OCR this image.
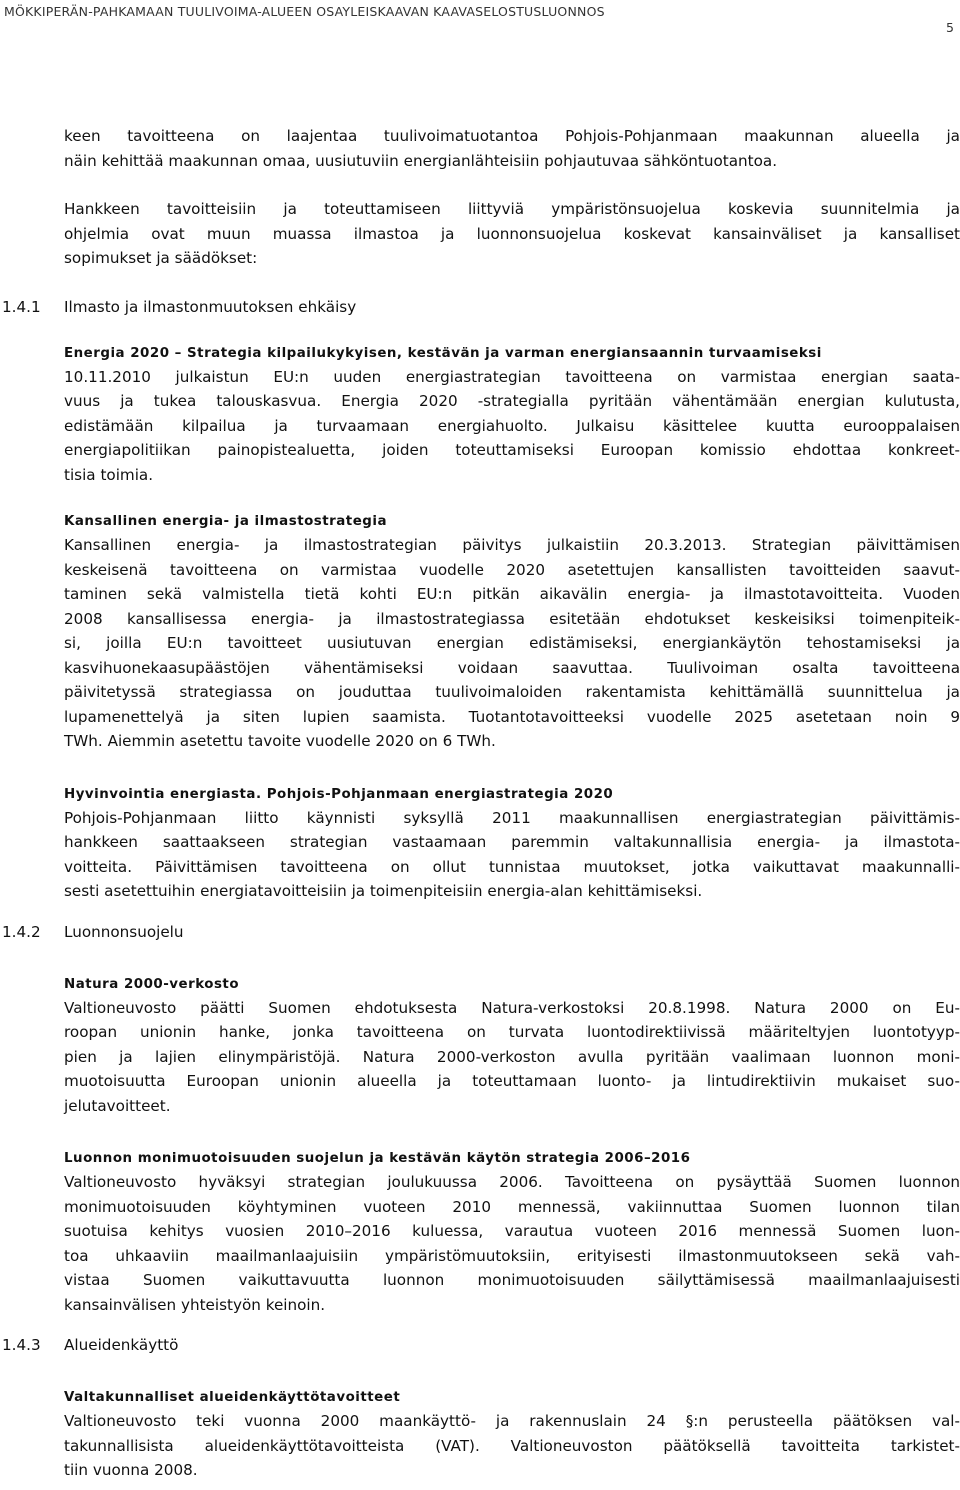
MÖKKIPERÄN-PAHKAMAAN TUULIVOIMA-ALUEEN OSAYLEISKAAVAN KAAVASELOSTUSLUONNOS
5

keen tavoitteena on laajentaa tuulivoimatuotantoa Pohjois-Pohjanmaan maakunnan alueella ja
näin kehittää maakunnan omaa, uusiutuviin energianlähteisiin pohjautuvaa sähköntuotantoa.

Hankkeen tavoitteisiin ja toteuttamiseen liittyviä ympäristönsuojelua koskevia suunnitelmia ja
ohjelmia ovat muun muassa ilmastoa ja luonnonsuojelua koskevat kansainväliset ja kansalliset
sopimukset ja säädökset:

1.4.1 Ilmasto ja ilmastonmuutoksen ehkäisy

Energia 2020 – Strategia kilpailukykyisen, kestävän ja varman energiansaannin turvaamiseksi

10.11.2010 julkaistun EU:n uuden energiastrategian tavoitteena on varmistaa energian saata-
vuus ja tukea talouskasvua. Energia 2020 -strategialla pyritään vähentämään energian kulutusta,
edistämään kilpailua ja turvaamaan energiahuolto. Julkaisu käsittelee kuutta eurooppalaisen
energiapolitiikan painopistealuetta, joiden toteuttamiseksi Euroopan komissio ehdottaa konkreet-
tisia toimia.

Kansallinen energia- ja ilmastostrategia

Kansallinen energia- ja ilmastostrategian päivitys julkaistiin 20.3.2013. Strategian päivittämisen
keskeisenä tavoitteena on varmistaa vuodelle 2020 asetettujen kansallisten tavoitteiden saavut-
taminen sekä valmistella tietä kohti EU:n pitkän aikavälin energia- ja ilmastotavoitteita. Vuoden
2008 kansallisessa energia- ja ilmastostrategiassa esitetään ehdotukset keskeisiksi toimenpiteik-
si, joilla EU:n tavoitteet uusiutuvan energian edistämiseksi, energiankäytön tehostamiseksi ja
kasvihuonekaasupäästöjen vähentämiseksi voidaan saavuttaa. Tuulivoiman osalta tavoitteena
päivitetyssä strategiassa on jouduttaa tuulivoimaloiden rakentamista kehittämällä suunnittelua ja
lupamenettelyä ja siten lupien saamista. Tuotantotavoitteeksi vuodelle 2025 asetetaan noin 9
TWh. Aiemmin asetettu tavoite vuodelle 2020 on 6 TWh.

Hyvinvointia energiasta. Pohjois-Pohjanmaan energiastrategia 2020

Pohjois-Pohjanmaan liitto käynnisti syksyllä 2011 maakunnallisen energiastrategian päivittämis-
hankkeen saattaakseen strategian vastaamaan paremmin valtakunnallisia energia- ja ilmastota-
voitteita. Päivittämisen tavoitteena on ollut tunnistaa muutokset, jotka vaikuttavat maakunnalli-
sesti asetettuihin energiatavoitteisiin ja toimenpiteisiin energia-alan kehittämiseksi.

1.4.2 Luonnonsuojelu

Natura 2000-verkosto

Valtioneuvosto päätti Suomen ehdotuksesta Natura-verkostoksi 20.8.1998. Natura 2000 on Eu-
roopan unionin hanke, jonka tavoitteena on turvata luontodirektiivissä määriteltyjen luontotyyp-
pien ja lajien elinympäristöjä. Natura 2000-verkoston avulla pyritään vaalimaan luonnon moni-
muotoisuutta Euroopan unionin alueella ja toteuttamaan luonto- ja lintudirektiivin mukaiset suo-
jelutavoitteet.

Luonnon monimuotoisuuden suojelun ja kestävän käytön strategia 2006–2016

Valtioneuvosto hyväksyi strategian joulukuussa 2006. Tavoitteena on pysäyttää Suomen luonnon
monimuotoisuuden köyhtyminen vuoteen 2010 mennessä, vakiinnuttaa Suomen luonnon tilan
suotuisa kehitys vuosien 2010–2016 kuluessa, varautua vuoteen 2016 mennessä Suomen luon-
toa uhkaaviin maailmanlaajuisiin ympäristömuutoksiin, erityisesti ilmastonmuutokseen sekä vah-
vistaa Suomen vaikuttavuutta luonnon monimuotoisuuden säilyttämisessä maailmanlaajuisesti
kansainvälisen yhteistyön keinoin.

1.4.3 Alueidenkäyttö

Valtakunnalliset alueidenkäyttötavoitteet

Valtioneuvosto teki vuonna 2000 maankäyttö- ja rakennuslain 24 §:n perusteella päätöksen val-
takunnallisista alueidenkäyttötavoitteista (VAT). Valtioneuvoston päätöksellä tavoitteita tarkistet-
tiin vuonna 2008.
